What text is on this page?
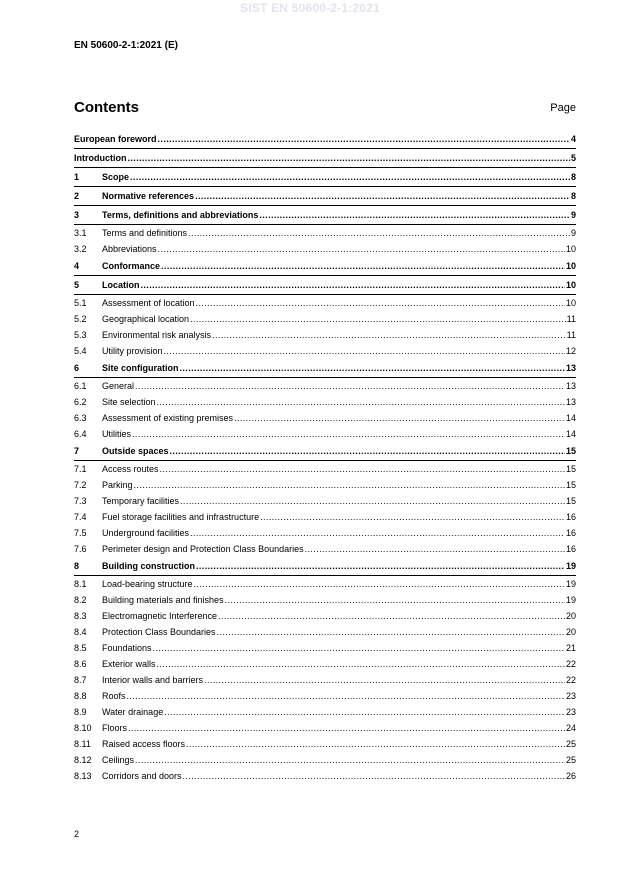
SIST EN 50600-2-1:2021
EN 50600-2-1:2021 (E)
Contents	Page
European foreword .....	4
Introduction .....	5
1	Scope .....	8
2	Normative references .....	8
3	Terms, definitions and abbreviations .....	9
3.1	Terms and definitions .....	9
3.2	Abbreviations .....	10
4	Conformance .....	10
5	Location .....	10
5.1	Assessment of location .....	10
5.2	Geographical location .....	11
5.3	Environmental risk analysis .....	11
5.4	Utility provision .....	12
6	Site configuration .....	13
6.1	General .....	13
6.2	Site selection .....	13
6.3	Assessment of existing premises .....	14
6.4	Utilities .....	14
7	Outside spaces .....	15
7.1	Access routes .....	15
7.2	Parking .....	15
7.3	Temporary facilities .....	15
7.4	Fuel storage facilities and infrastructure .....	16
7.5	Underground facilities .....	16
7.6	Perimeter design and Protection Class Boundaries .....	16
8	Building construction .....	19
8.1	Load-bearing structure .....	19
8.2	Building materials and finishes .....	19
8.3	Electromagnetic Interference .....	20
8.4	Protection Class Boundaries .....	20
8.5	Foundations .....	21
8.6	Exterior walls .....	22
8.7	Interior walls and barriers .....	22
8.8	Roofs .....	23
8.9	Water drainage .....	23
8.10	Floors .....	24
8.11	Raised access floors .....	25
8.12	Ceilings .....	25
8.13	Corridors and doors .....	26
2
